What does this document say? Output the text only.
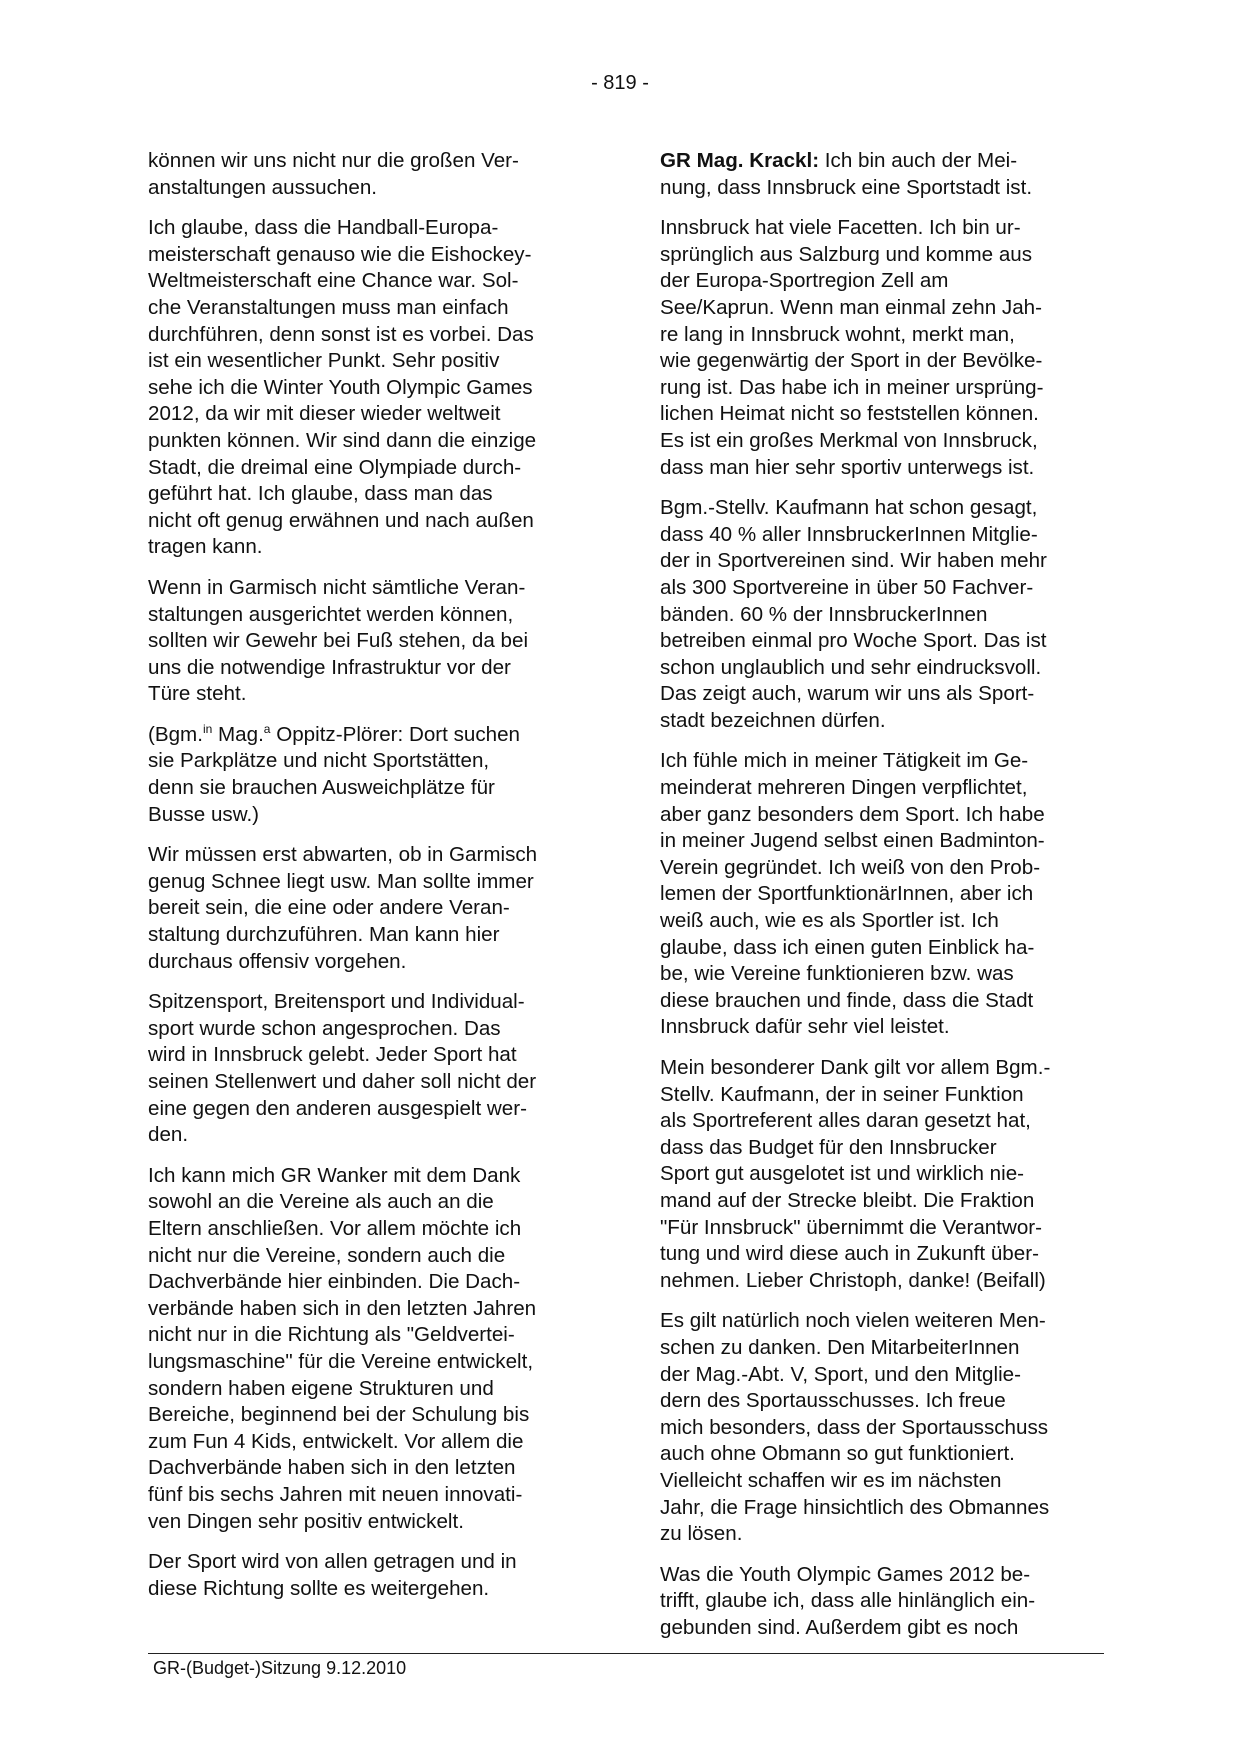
- 819 -

können wir uns nicht nur die großen Ver-
anstaltungen aussuchen.

Ich glaube, dass die Handball-Europa-
meisterschaft genauso wie die Eishockey-
Weltmeisterschaft eine Chance war. Sol-
che Veranstaltungen muss man einfach
durchführen, denn sonst ist es vorbei. Das
ist ein wesentlicher Punkt. Sehr positiv
sehe ich die Winter Youth Olympic Games
2012, da wir mit dieser wieder weltweit
punkten können. Wir sind dann die einzige
Stadt, die dreimal eine Olympiade durch-
geführt hat. Ich glaube, dass man das
nicht oft genug erwähnen und nach außen
tragen kann.

Wenn in Garmisch nicht sämtliche Veran-
staltungen ausgerichtet werden können,
sollten wir Gewehr bei Fuß stehen, da bei
uns die notwendige Infrastruktur vor der
Türe steht.

(Bgm.$^{in}$ Mag.$^a$ Oppitz-Plörer: Dort suchen
sie Parkplätze und nicht Sportstätten,
denn sie brauchen Ausweichplätze für
Busse usw.)

Wir müssen erst abwarten, ob in Garmisch
genug Schnee liegt usw. Man sollte immer
bereit sein, die eine oder andere Veran-
staltung durchzuführen. Man kann hier
durchaus offensiv vorgehen.

Spitzensport, Breitensport und Individual-
sport wurde schon angesprochen. Das
wird in Innsbruck gelebt. Jeder Sport hat
seinen Stellenwert und daher soll nicht der
eine gegen den anderen ausgespielt wer-
den.

Ich kann mich GR Wanker mit dem Dank
sowohl an die Vereine als auch an die
Eltern anschließen. Vor allem möchte ich
nicht nur die Vereine, sondern auch die
Dachverbände hier einbinden. Die Dach-
verbände haben sich in den letzten Jahren
nicht nur in die Richtung als "Geldvertei-
lungsmaschine" für die Vereine entwickelt,
sondern haben eigene Strukturen und
Bereiche, beginnend bei der Schulung bis
zum Fun 4 Kids, entwickelt. Vor allem die
Dachverbände haben sich in den letzten
fünf bis sechs Jahren mit neuen innovati-
ven Dingen sehr positiv entwickelt.

Der Sport wird von allen getragen und in
diese Richtung sollte es weitergehen.

GR Mag. Krackl: Ich bin auch der Mei-
nung, dass Innsbruck eine Sportstadt ist.

Innsbruck hat viele Facetten. Ich bin ur-
sprünglich aus Salzburg und komme aus
der Europa-Sportregion Zell am
See/Kaprun. Wenn man einmal zehn Jah-
re lang in Innsbruck wohnt, merkt man,
wie gegenwärtig der Sport in der Bevölke-
rung ist. Das habe ich in meiner ursprüng-
lichen Heimat nicht so feststellen können.
Es ist ein großes Merkmal von Innsbruck,
dass man hier sehr sportiv unterwegs ist.

Bgm.-Stellv. Kaufmann hat schon gesagt,
dass 40 % aller InnsbruckerInnen Mitglie-
der in Sportvereinen sind. Wir haben mehr
als 300 Sportvereine in über 50 Fachver-
bänden. 60 % der InnsbruckerInnen
betreiben einmal pro Woche Sport. Das ist
schon unglaublich und sehr eindrucksvoll.
Das zeigt auch, warum wir uns als Sport-
stadt bezeichnen dürfen.

Ich fühle mich in meiner Tätigkeit im Ge-
meinderat mehreren Dingen verpflichtet,
aber ganz besonders dem Sport. Ich habe
in meiner Jugend selbst einen Badminton-
Verein gegründet. Ich weiß von den Prob-
lemen der SportfunktionärInnen, aber ich
weiß auch, wie es als Sportler ist. Ich
glaube, dass ich einen guten Einblick ha-
be, wie Vereine funktionieren bzw. was
diese brauchen und finde, dass die Stadt
Innsbruck dafür sehr viel leistet.

Mein besonderer Dank gilt vor allem Bgm.-
Stellv. Kaufmann, der in seiner Funktion
als Sportreferent alles daran gesetzt hat,
dass das Budget für den Innsbrucker
Sport gut ausgelotet ist und wirklich nie-
mand auf der Strecke bleibt. Die Fraktion
"Für Innsbruck" übernimmt die Verantwor-
tung und wird diese auch in Zukunft über-
nehmen. Lieber Christoph, danke! (Beifall)

Es gilt natürlich noch vielen weiteren Men-
schen zu danken. Den MitarbeiterInnen
der Mag.-Abt. V, Sport, und den Mitglie-
dern des Sportausschusses. Ich freue
mich besonders, dass der Sportausschuss
auch ohne Obmann so gut funktioniert.
Vielleicht schaffen wir es im nächsten
Jahr, die Frage hinsichtlich des Obmannes
zu lösen.

Was die Youth Olympic Games 2012 be-
trifft, glaube ich, dass alle hinlänglich ein-
gebunden sind. Außerdem gibt es noch

GR-(Budget-)Sitzung 9.12.2010
